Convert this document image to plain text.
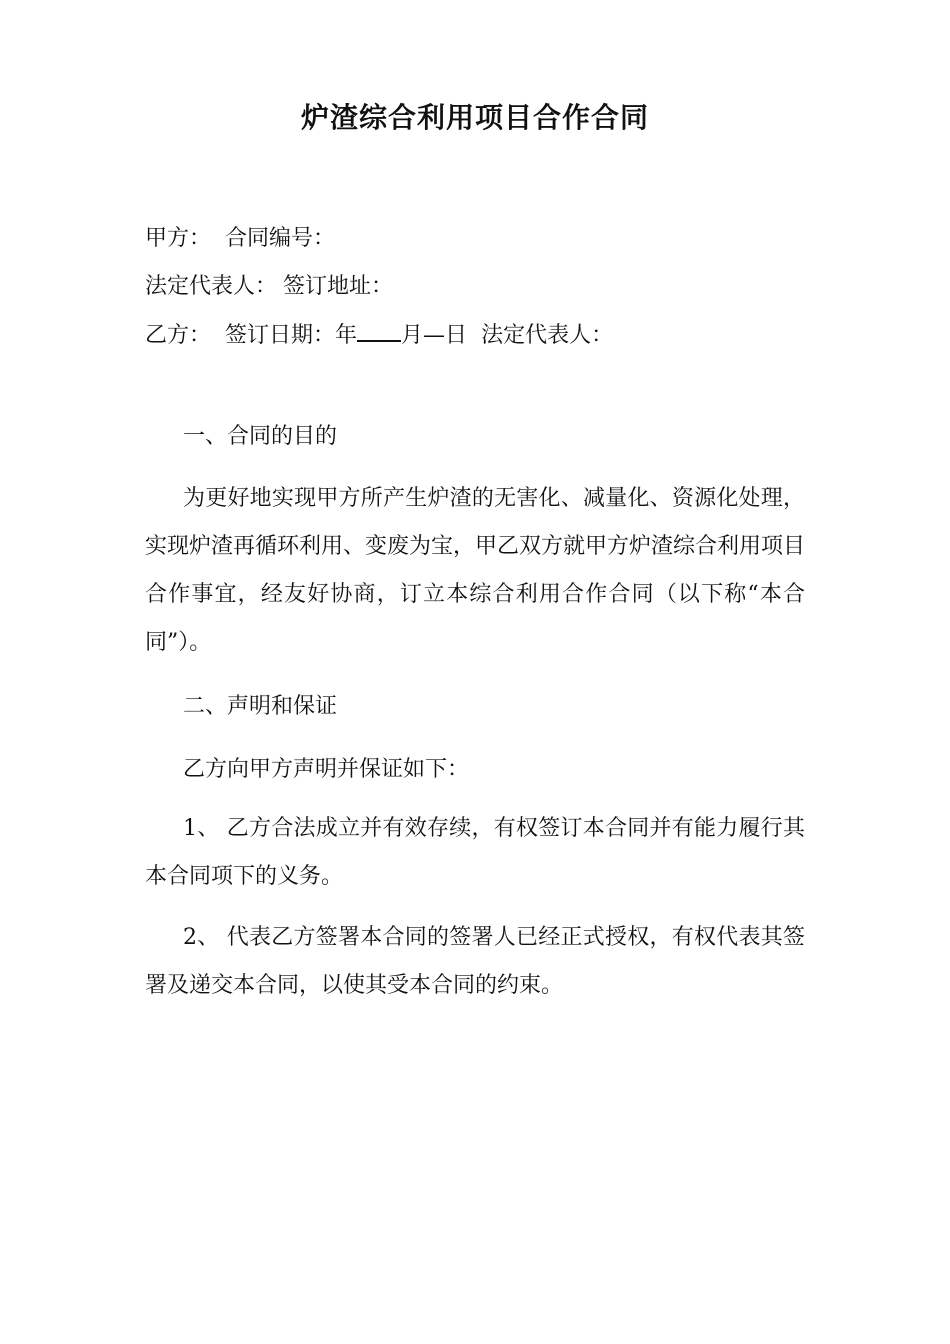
炉渣综合利用项目合作合同
甲方： 合同编号：
法定代表人： 签订地址：
乙方： 签订日期：年 月—日 法定代表人：
一、合同的目的
为更好地实现甲方所产生炉渣的无害化、减量化、资源化处理，实现炉渣再循环利用、变废为宝，甲乙双方就甲方炉渣综合利用项目合作事宜，经友好协商，订立本综合利用合作合同（以下称“本合同”）。
二、声明和保证
乙方向甲方声明并保证如下：
1、 乙方合法成立并有效存续，有权签订本合同并有能力履行其本合同项下的义务。
2、 代表乙方签署本合同的签署人已经正式授权，有权代表其签署及递交本合同，以使其受本合同的约束。
